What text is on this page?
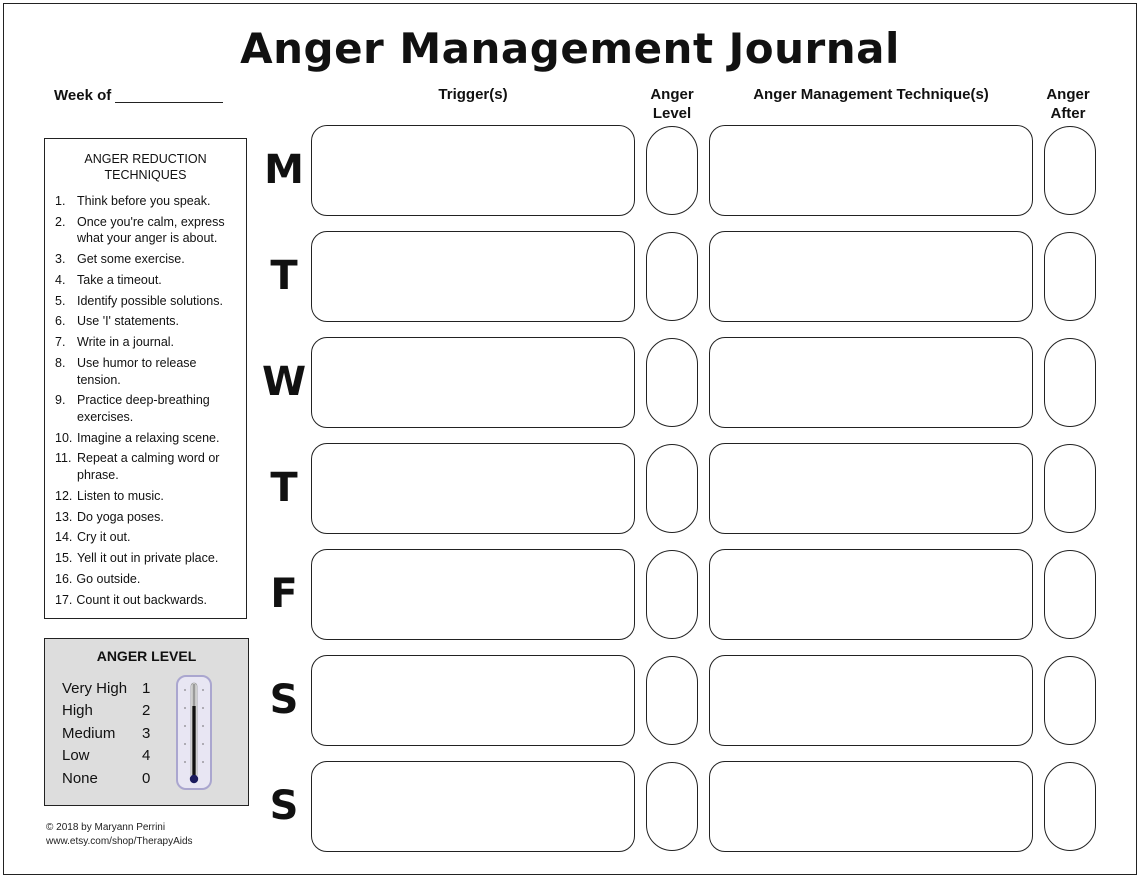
Anger Management Journal
Week of	Trigger(s)	Anger Level
Anger Management Technique(s)	Anger After
ANGER REDUCTION
TECHNIQUES
1. Think before you speak.
2. Once you're calm, express what your anger is about.
3. Get some exercise.
4. Take a timeout.
5. Identify possible solutions.
6. Use 'I' statements.
7. Write in a journal.
8. Use humor to release tension.
9. Practice deep-breathing exercises.
10. Imagine a relaxing scene.
11. Repeat a calming word or phrase.
12. Listen to music.
13. Do yoga poses.
14. Cry it out.
15. Yell it out in private place.
16. Go outside.
17. Count it out backwards.
ANGER LEVEL
Very High 1
High	2
Medium	3
Low	4
None	0
M
T
W
T
F
S
S
© 2018 by Maryann Perrini
www.etsy.com/shop/TherapyAids
